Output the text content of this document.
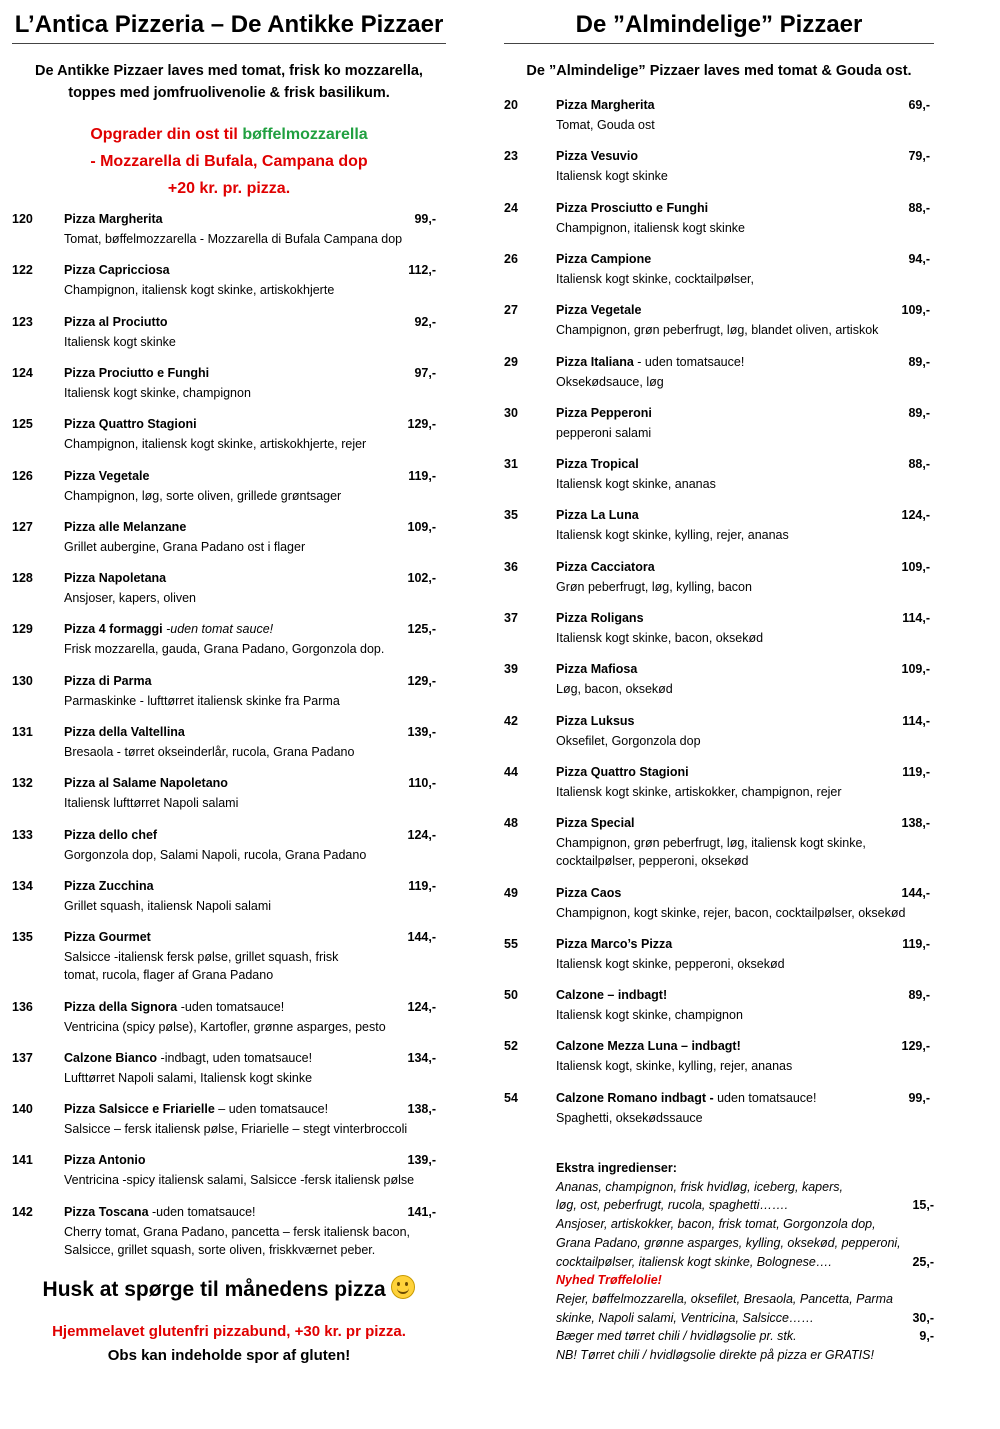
L’Antica Pizzeria – De Antikke Pizzaer
De Antikke Pizzaer laves med tomat, frisk ko mozzarella,
toppes med jomfruolivenolie & frisk basilikum.
Opgrader din ost til bøffelmozzarella
- Mozzarella di Bufala, Campana dop
+20 kr. pr. pizza.
120 Pizza Margherita	99,-
Tomat, bøffelmozzarella - Mozzarella di Bufala Campana dop
122 Pizza Capricciosa	112,-
Champignon, italiensk kogt skinke, artiskokhjerte
123 Pizza al Prociutto	92,-
Italiensk kogt skinke
124 Pizza Prociutto e Funghi	97,-
Italiensk kogt skinke, champignon
125 Pizza Quattro Stagioni	129,-
Champignon, italiensk kogt skinke, artiskokhjerte, rejer
126 Pizza Vegetale	119,-
Champignon, løg, sorte oliven, grillede grøntsager
127 Pizza alle Melanzane	109,-
Grillet aubergine, Grana Padano ost i flager
128 Pizza Napoletana	102,-
Ansjoser, kapers, oliven
129 Pizza 4 formaggi -uden tomat sauce!	125,-
Frisk mozzarella, gauda, Grana Padano, Gorgonzola dop.
130 Pizza di Parma	129,-
Parmaskinke - lufttørret italiensk skinke fra Parma
131 Pizza della Valtellina	139,-
Bresaola - tørret okseinderlår, rucola, Grana Padano
132 Pizza al Salame Napoletano	110,-
Italiensk lufttørret Napoli salami
133 Pizza dello chef	124,-
Gorgonzola dop, Salami Napoli, rucola, Grana Padano
134 Pizza Zucchina	119,-
Grillet squash, italiensk Napoli salami
135 Pizza Gourmet	144,-
Salsicce -italiensk fersk pølse, grillet squash, frisk
tomat, rucola, flager af Grana Padano
136 Pizza della Signora -uden tomatsauce!	124,-
Ventricina (spicy pølse), Kartofler, grønne asparges, pesto
137 Calzone Bianco -indbagt, uden tomatsauce!	134,-
Lufttørret Napoli salami, Italiensk kogt skinke
140 Pizza Salsicce e Friarielle – uden tomatsauce!	138,-
Salsicce – fersk italiensk pølse, Friarielle – stegt vinterbroccoli
141 Pizza Antonio	139,-
Ventricina -spicy italiensk salami, Salsicce -fersk italiensk pølse
142 Pizza Toscana -uden tomatsauce!	141,-
Cherry tomat, Grana Padano, pancetta – fersk italiensk bacon,
Salsicce, grillet squash, sorte oliven, friskkværnet peber.
Husk at spørge til månedens pizza
Hjemmelavet glutenfri pizzabund, +30 kr. pr pizza.
Obs kan indeholde spor af gluten!
De ”Almindelige” Pizzaer
De ”Almindelige” Pizzaer laves med tomat & Gouda ost.
20	Pizza Margherita	69,-
Tomat, Gouda ost
23	Pizza Vesuvio	79,-
Italiensk kogt skinke
24	Pizza Prosciutto e Funghi	88,-
Champignon, italiensk kogt skinke
26	Pizza Campione	94,-
Italiensk kogt skinke, cocktailpølser,
27	Pizza Vegetale	109,-
Champignon, grøn peberfrugt, løg, blandet oliven, artiskok
29	Pizza Italiana - uden tomatsauce!	89,-
Oksekødsauce, løg
30	Pizza Pepperoni	89,-
pepperoni salami
31	Pizza Tropical	88,-
Italiensk kogt skinke, ananas
35	Pizza La Luna	124,-
Italiensk kogt skinke, kylling, rejer, ananas
36	Pizza Cacciatora	109,-
Grøn peberfrugt, løg, kylling, bacon
37	Pizza Roligans	114,-
Italiensk kogt skinke, bacon, oksekød
39	Pizza Mafiosa	109,-
Løg, bacon, oksekød
42	Pizza Luksus	114,-
Oksefilet, Gorgonzola dop
44	Pizza Quattro Stagioni	119,-
Italiensk kogt skinke, artiskokker, champignon, rejer
48	Pizza Special	138,-
Champignon, grøn peberfrugt, løg, italiensk kogt skinke,
cocktailpølser, pepperoni, oksekød
49	Pizza Caos	144,-
Champignon, kogt skinke, rejer, bacon, cocktailpølser, oksekød
55	Pizza Marco’s Pizza	119,-
Italiensk kogt skinke, pepperoni, oksekød
50	Calzone – indbagt!	89,-
Italiensk kogt skinke, champignon
52	Calzone Mezza Luna – indbagt!	129,-
Italiensk kogt, skinke, kylling, rejer, ananas
54	Calzone Romano indbagt - uden tomatsauce!	99,-
Spaghetti, oksekødssauce
Ekstra ingredienser:
Ananas, champignon, frisk hvidløg, iceberg, kapers,
løg, ost, peberfrugt, rucola, spaghetti…….	15,-
Ansjoser, artiskokker, bacon, frisk tomat, Gorgonzola dop,
Grana Padano, grønne asparges, kylling, oksekød, pepperoni,
cocktailpølser, italiensk kogt skinke, Bolognese….	25,-
Nyhed Trøffelolie!
Rejer, bøffelmozzarella, oksefilet, Bresaola, Pancetta, Parma
skinke, Napoli salami, Ventricina, Salsicce……	30,-
Bæger med tørret chili / hvidløgsolie pr. stk.	9,-
NB! Tørret chili / hvidløgsolie direkte på pizza er GRATIS!
